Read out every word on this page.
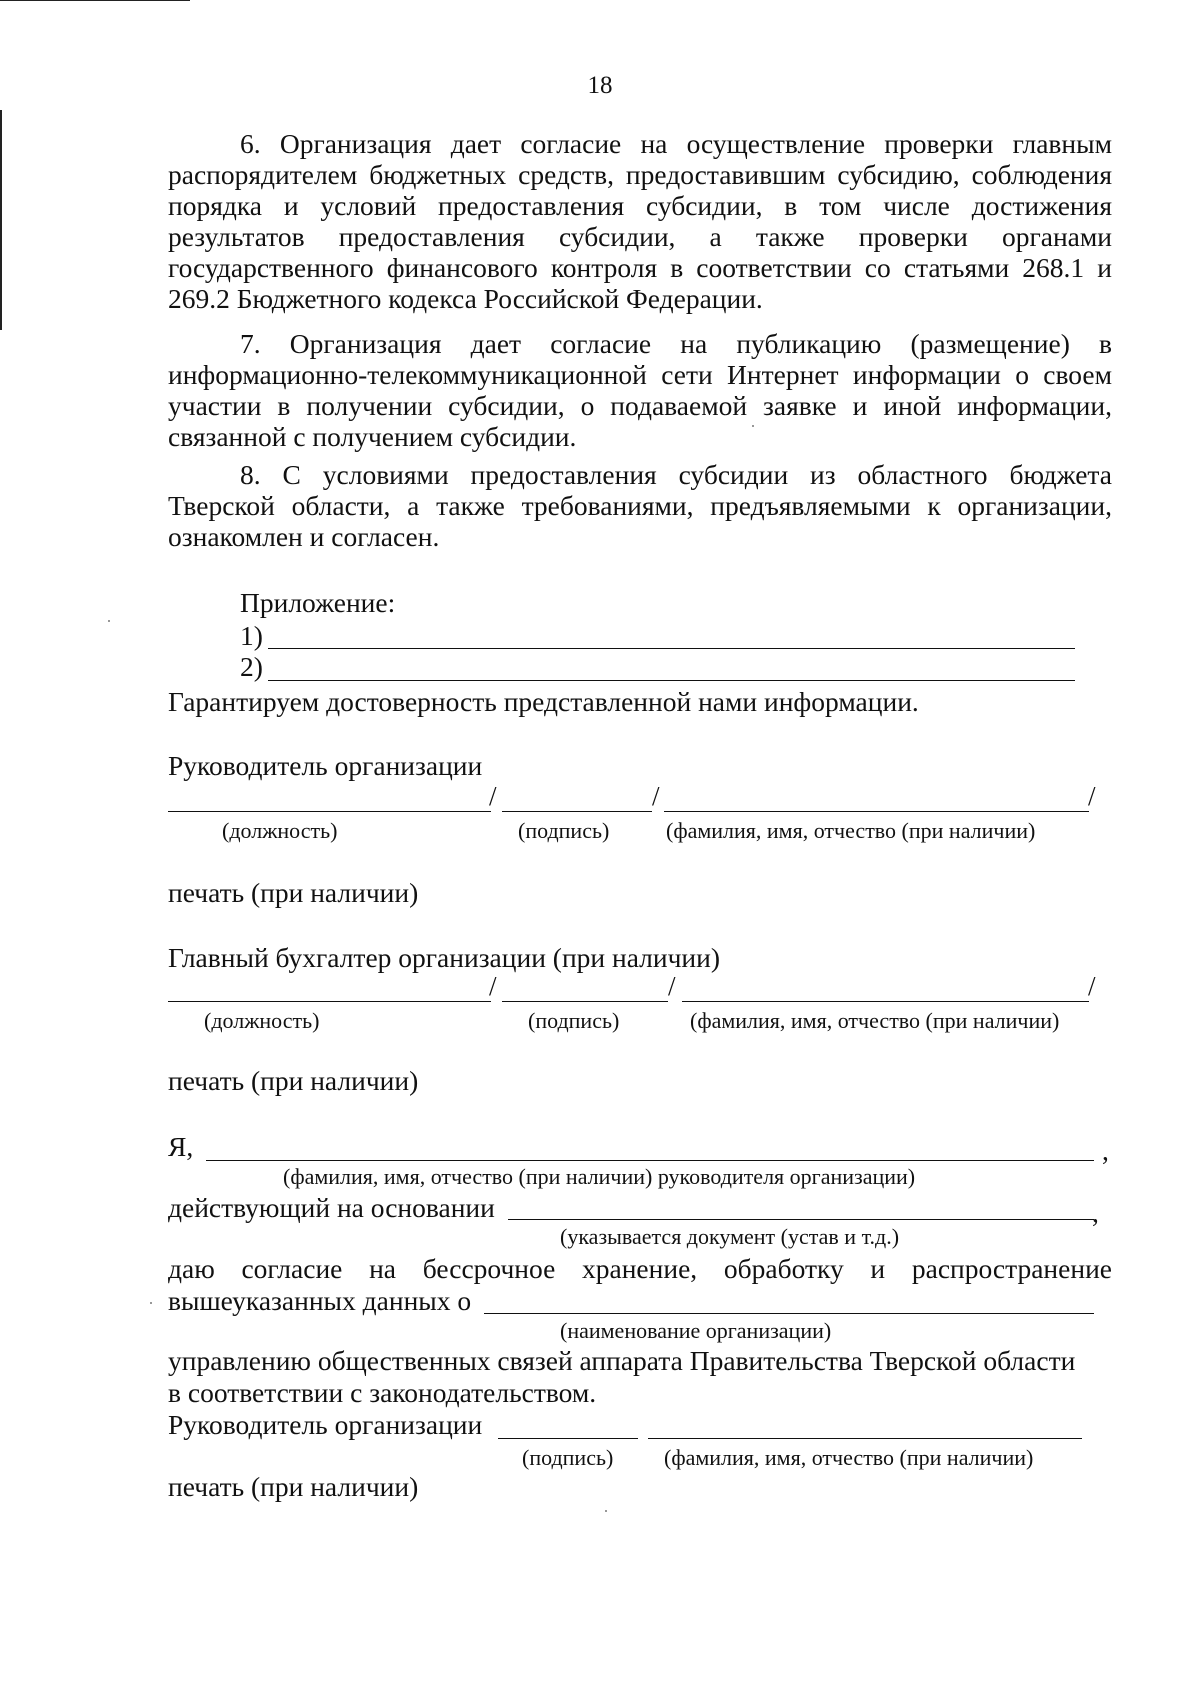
18

6. Организация дает согласие на осуществление проверки главным распорядителем бюджетных средств, предоставившим субсидию, соблюдения порядка и условий предоставления субсидии, в том числе достижения результатов предоставления субсидии, а также проверки органами государственного финансового контроля в соответствии со статьями 268.1 и 269.2 Бюджетного кодекса Российской Федерации.

7. Организация дает согласие на публикацию (размещение) в информационно-телекоммуникационной сети Интернет информации о своем участии в получении субсидии, о подаваемой заявке и иной информации, связанной с получением субсидии.

8. С условиями предоставления субсидии из областного бюджета Тверской области, а также требованиями, предъявляемыми к организации, ознакомлен и согласен.

Приложение:
1)
2)
Гарантируем достоверность представленной нами информации.
Руководитель организации
/	/	/
(должность)	(подпись)	(фамилия, имя, отчество (при наличии)
печать (при наличии)
Главный бухгалтер организации (при наличии)
/	/	/
(должность)	(подпись)	(фамилия, имя, отчество (при наличии)
печать (при наличии)
Я,	,
(фамилия, имя, отчество (при наличии) руководителя организации)
действующий на основании	,
(указывается документ (устав и т.д.)
даю согласие на бессрочное хранение, обработку и распространение
вышеуказанных данных о
(наименование организации)
управлению общественных связей аппарата Правительства Тверской области
в соответствии с законодательством.
Руководитель организации
(подпись) (фамилия, имя, отчество (при наличии)
печать (при наличии)
